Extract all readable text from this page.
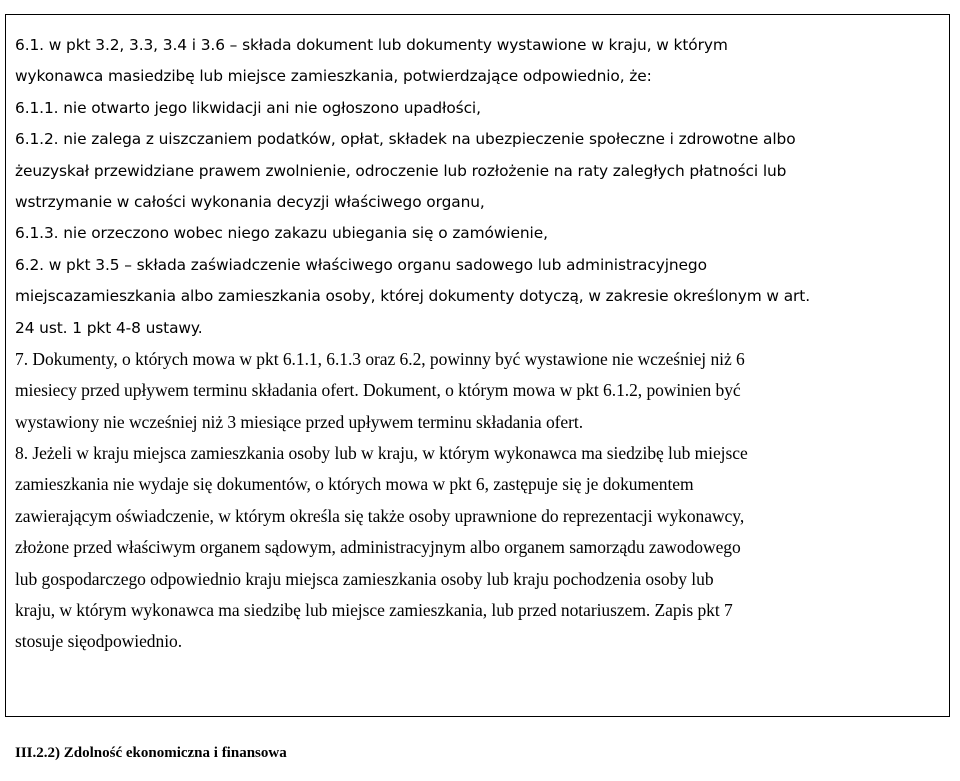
6.1. w pkt 3.2, 3.3, 3.4 i 3.6 – składa dokument lub dokumenty wystawione w kraju, w którym
wykonawca masiedzibę lub miejsce zamieszkania, potwierdzające odpowiednio, że:
6.1.1. nie otwarto jego likwidacji ani nie ogłoszono upadłości,
6.1.2. nie zalega z uiszczaniem podatków, opłat, składek na ubezpieczenie społeczne i zdrowotne albo
żeuzyskał przewidziane prawem zwolnienie, odroczenie lub rozłożenie na raty zaległych płatności lub
wstrzymanie w całości wykonania decyzji właściwego organu,
6.1.3. nie orzeczono wobec niego zakazu ubiegania się o zamówienie,
6.2. w pkt 3.5 – składa zaświadczenie właściwego organu sadowego lub administracyjnego
miejscazamieszkania albo zamieszkania osoby, której dokumenty dotyczą, w zakresie określonym w art.
24 ust. 1 pkt 4-8 ustawy.
7. Dokumenty, o których mowa w pkt 6.1.1, 6.1.3 oraz 6.2, powinny być wystawione nie wcześniej niż 6
miesiecy przed upływem terminu składania ofert. Dokument, o którym mowa w pkt 6.1.2, powinien być
wystawiony nie wcześniej niż 3 miesiące przed upływem terminu składania ofert.
8. Jeżeli w kraju miejsca zamieszkania osoby lub w kraju, w którym wykonawca ma siedzibę lub miejsce
zamieszkania nie wydaje się dokumentów, o których mowa w pkt 6, zastępuje się je dokumentem
zawierającym oświadczenie, w którym określa się także osoby uprawnione do reprezentacji wykonawcy,
złożone przed właściwym organem sądowym, administracyjnym albo organem samorządu zawodowego
lub gospodarczego odpowiednio kraju miejsca zamieszkania osoby lub kraju pochodzenia osoby lub
kraju, w którym wykonawca ma siedzibę lub miejsce zamieszkania, lub przed notariuszem. Zapis pkt 7
stosuje sięodpowiednio.
III.2.2) Zdolność ekonomiczna i finansowa
